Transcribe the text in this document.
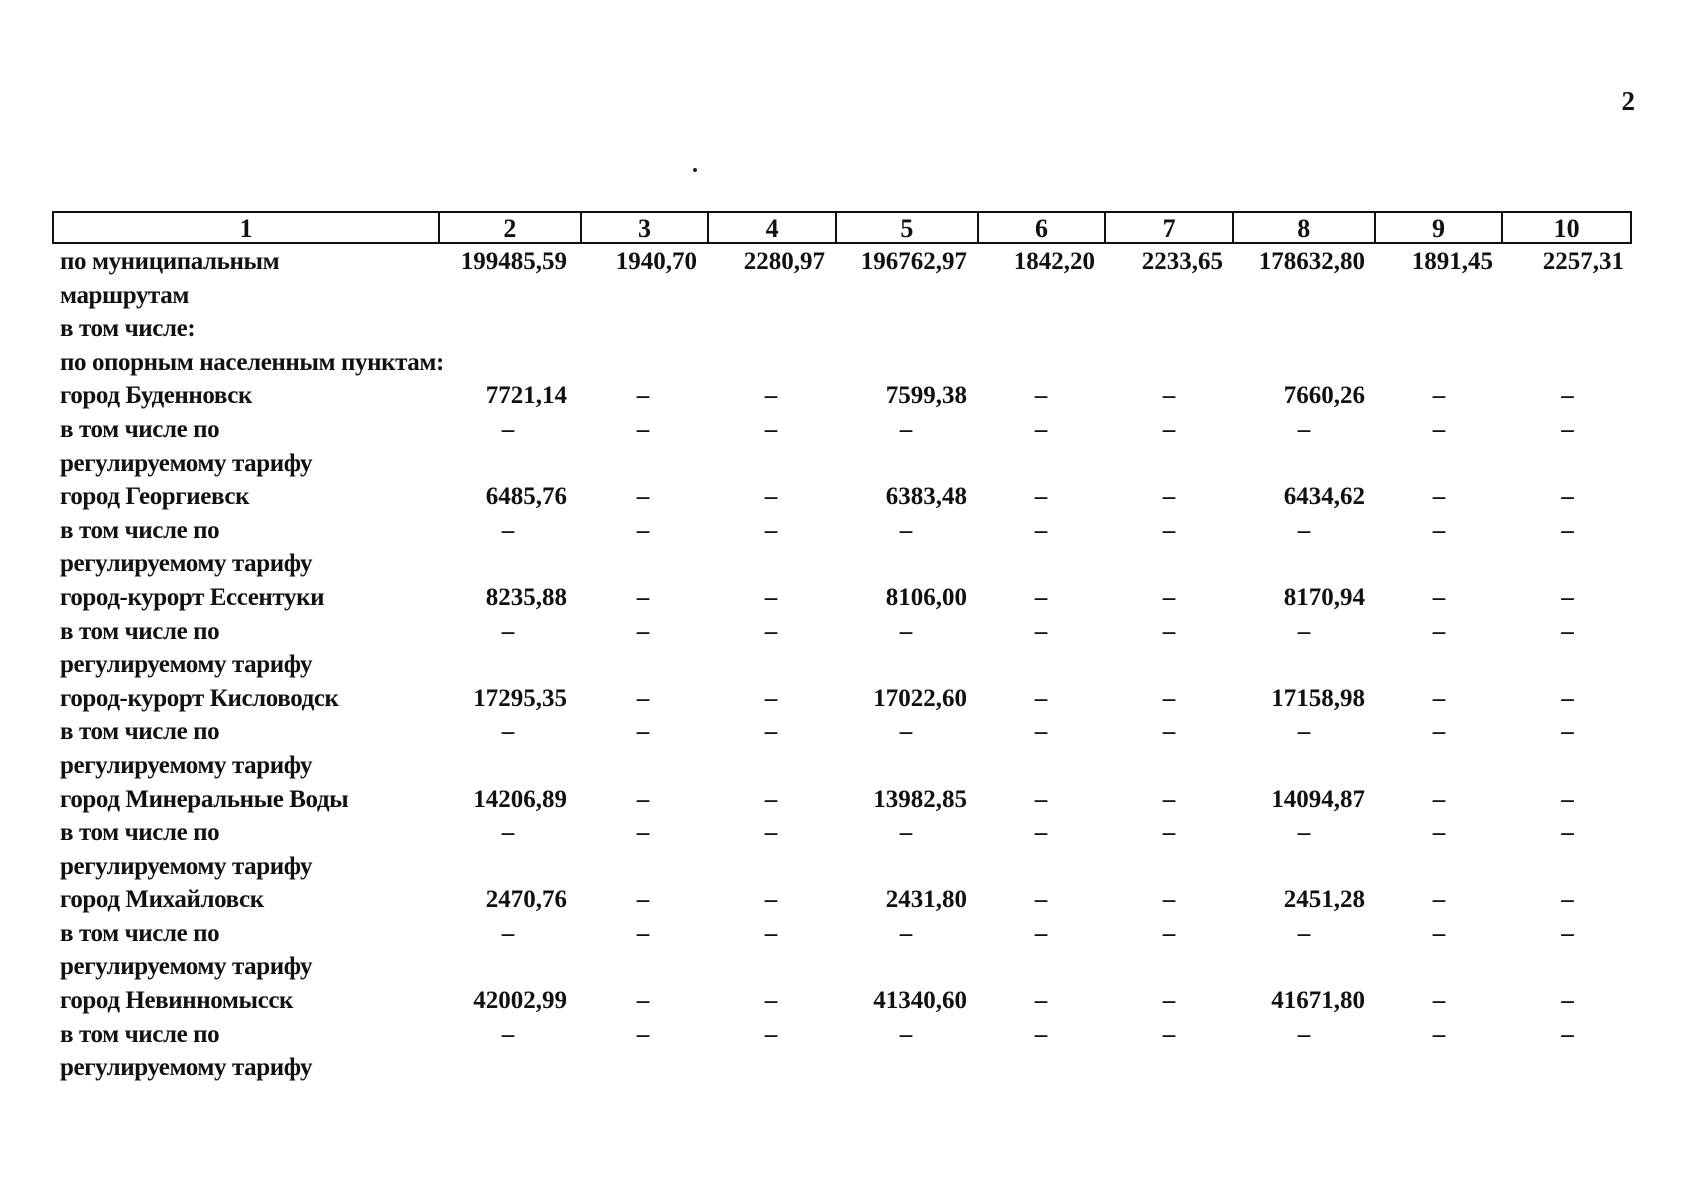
2
1	2	3	4	5	6	7	8	9	10
по муниципальным
маршрутам
199485,59	1940,70	2280,97	196762,97	1842,20	2233,65	178632,80	1891,45	2257,31
в том числе:
по опорным населенным пунктам:
город Буденновск	7721,14	–	–	7599,38	–	–	7660,26	–	–
в том числе по
регулируемому тарифу
–	–	–	–	–	–	–	–	–
город Георгиевск	6485,76	–	–	6383,48	–	–	6434,62	–	–
в том числе по
регулируемому тарифу
–	–	–	–	–	–	–	–	–
город-курорт Ессентуки	8235,88	–	–	8106,00	–	–	8170,94	–	–
в том числе по
регулируемому тарифу
–	–	–	–	–	–	–	–	–
город-курорт Кисловодск	17295,35	–	–	17022,60	–	–	17158,98	–	–
в том числе по
регулируемому тарифу
–	–	–	–	–	–	–	–	–
город Минеральные Воды	14206,89	–	–	13982,85	–	–	14094,87	–	–
в том числе по
регулируемому тарифу
–	–	–	–	–	–	–	–	–
город Михайловск	2470,76	–	–	2431,80	–	–	2451,28	–	–
в том числе по
регулируемому тарифу
–	–	–	–	–	–	–	–	–
город Невинномысск	42002,99	–	–	41340,60	–	–	41671,80	–	–
в том числе по
регулируемому тарифу
–	–	–	–	–	–	–	–	–
